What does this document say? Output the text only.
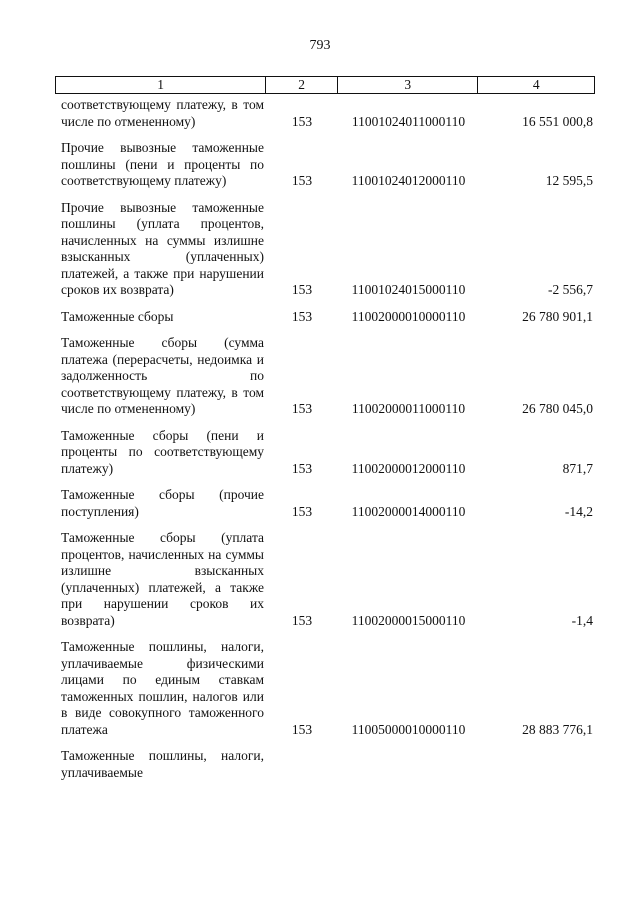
793
1	2	3	4
соответствующему платежу, в том числе по отмененному)	153	11001024011000110	16 551 000,8
Прочие вывозные таможенные пошлины (пени и проценты по соответствующему платежу)	153	11001024012000110	12 595,5
Прочие вывозные таможенные пошлины (уплата процентов, начисленных на суммы излишне взысканных (уплаченных) платежей, а также при нарушении сроков их возврата)	153	11001024015000110	-2 556,7
Таможенные сборы	153	11002000010000110	26 780 901,1
Таможенные сборы (сумма платежа (перерасчеты, недоимка и задолженность по соответствующему платежу, в том числе по отмененному)	153	11002000011000110	26 780 045,0
Таможенные сборы (пени и проценты по соответствующему платежу)	153	11002000012000110	871,7
Таможенные сборы (прочие поступления)	153	11002000014000110	-14,2
Таможенные сборы (уплата процентов, начисленных на суммы излишне взысканных (уплаченных) платежей, а также при нарушении сроков их возврата)	153	11002000015000110	-1,4
Таможенные пошлины, налоги, уплачиваемые физическими лицами по единым ставкам таможенных пошлин, налогов или в виде совокупного таможенного платежа	153	11005000010000110	28 883 776,1
Таможенные пошлины, налоги, уплачиваемые
